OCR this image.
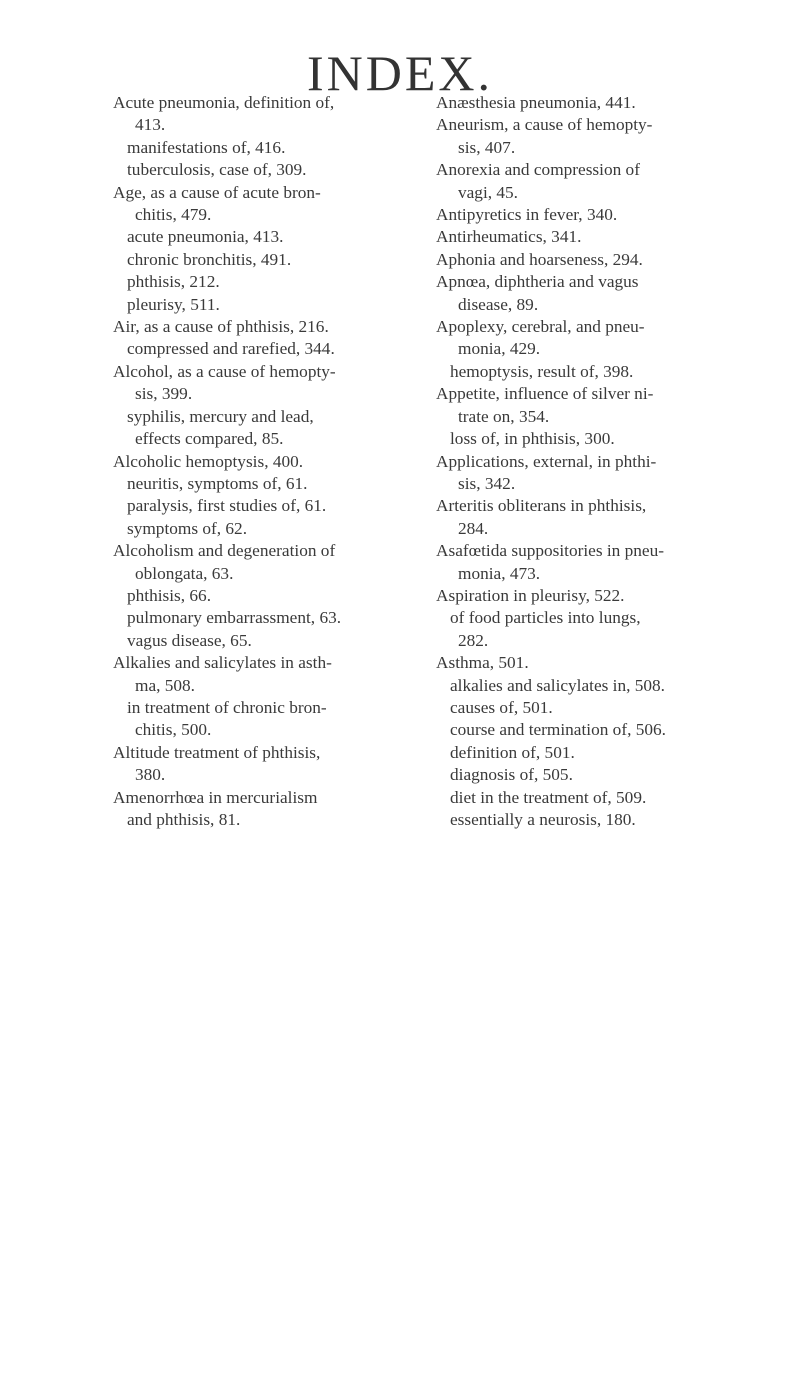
INDEX.
Acute pneumonia, definition of,
413.
manifestations of, 416.
tuberculosis, case of, 309.
Age, as a cause of acute bron-
chitis, 479.
acute pneumonia, 413.
chronic bronchitis, 491.
phthisis, 212.
pleurisy, 511.
Air, as a cause of phthisis, 216.
compressed and rarefied, 344.
Alcohol, as a cause of hemopty-
sis, 399.
syphilis, mercury and lead,
effects compared, 85.
Alcoholic hemoptysis, 400.
neuritis, symptoms of, 61.
paralysis, first studies of, 61.
symptoms of, 62.
Alcoholism and degeneration of
oblongata, 63.
phthisis, 66.
pulmonary embarrassment, 63.
vagus disease, 65.
Alkalies and salicylates in asth-
ma, 508.
in treatment of chronic bron-
chitis, 500.
Altitude treatment of phthisis,
380.
Amenorrhœa in mercurialism
and phthisis, 81.
Anæsthesia pneumonia, 441.
Aneurism, a cause of hemopty-
sis, 407.
Anorexia and compression of
vagi, 45.
Antipyretics in fever, 340.
Antirheumatics, 341.
Aphonia and hoarseness, 294.
Apnœa, diphtheria and vagus
disease, 89.
Apoplexy, cerebral, and pneu-
monia, 429.
hemoptysis, result of, 398.
Appetite, influence of silver ni-
trate on, 354.
loss of, in phthisis, 300.
Applications, external, in phthi-
sis, 342.
Arteritis obliterans in phthisis,
284.
Asafœtida suppositories in pneu-
monia, 473.
Aspiration in pleurisy, 522.
of food particles into lungs,
282.
Asthma, 501.
alkalies and salicylates in, 508.
causes of, 501.
course and termination of, 506.
definition of, 501.
diagnosis of, 505.
diet in the treatment of, 509.
essentially a neurosis, 180.
